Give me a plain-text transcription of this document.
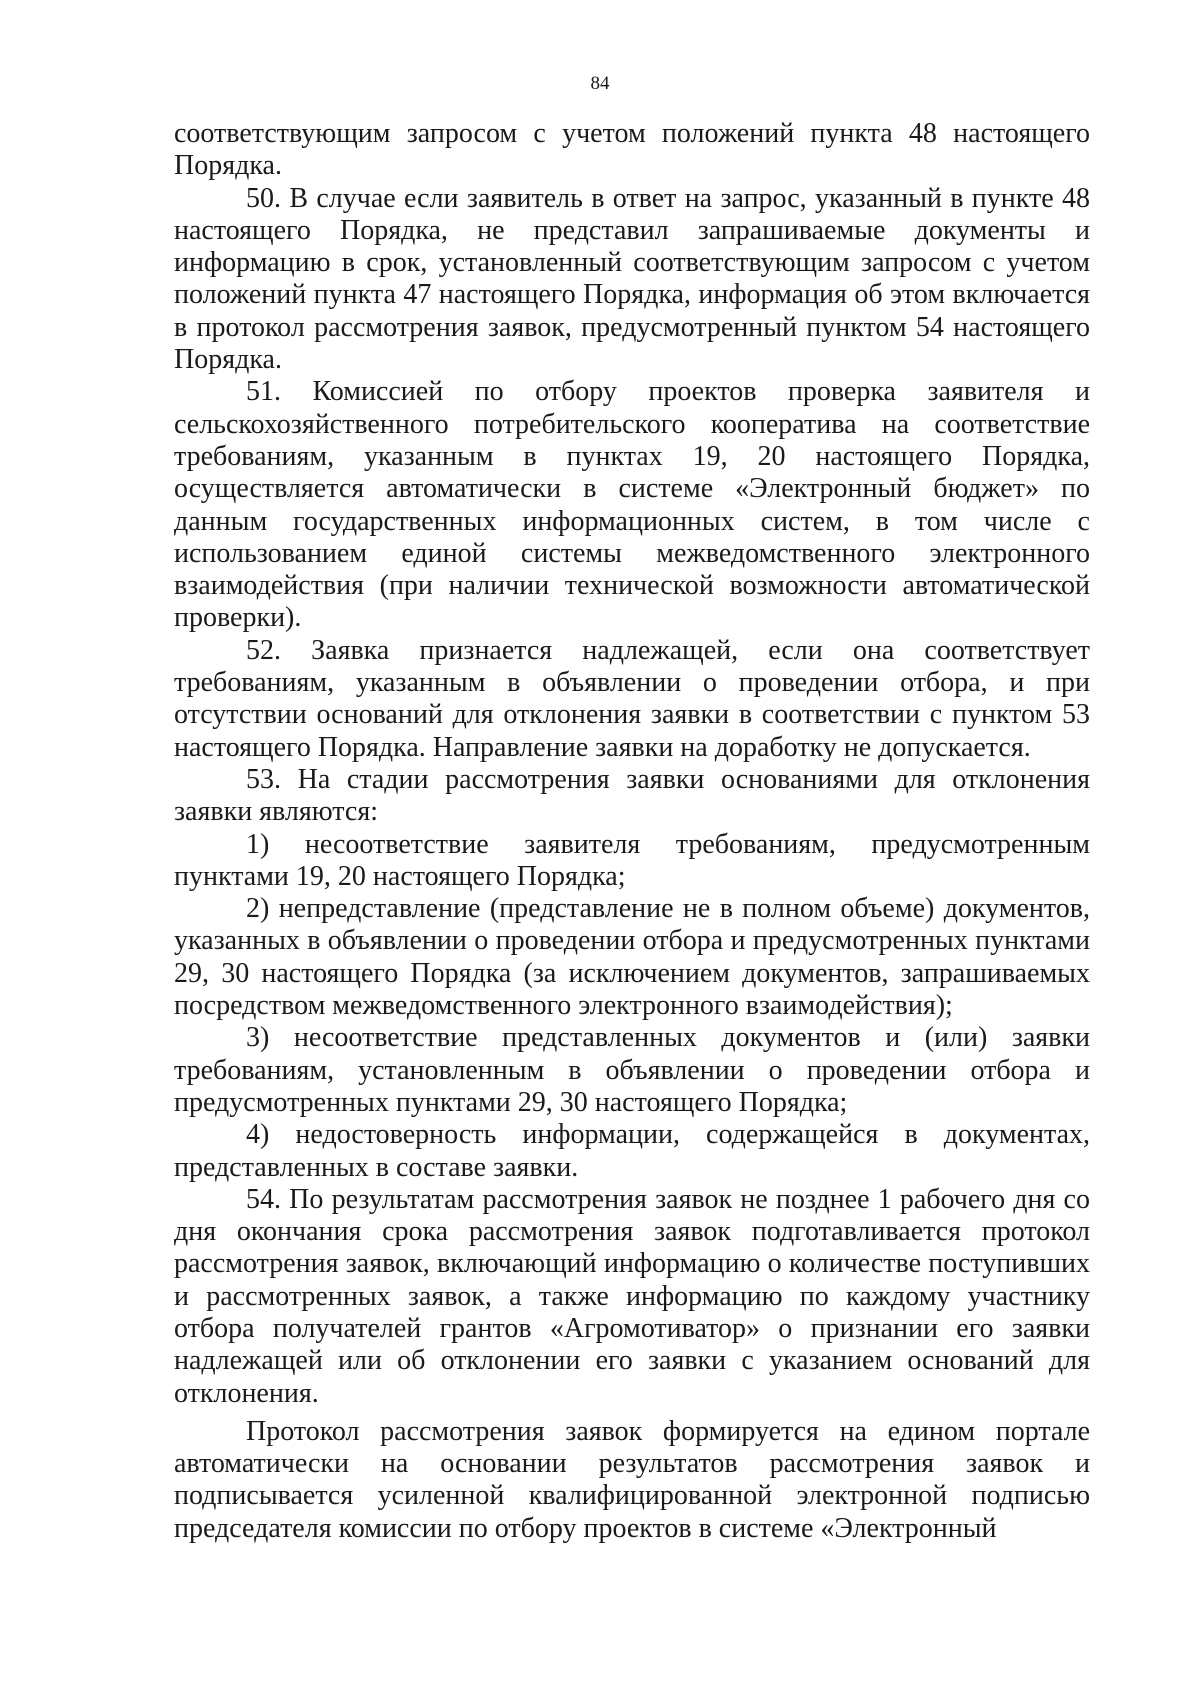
84

соответствующим запросом с учетом положений пункта 48 настоящего Порядка.

50. В случае если заявитель в ответ на запрос, указанный в пункте 48 настоящего Порядка, не представил запрашиваемые документы и информацию в срок, установленный соответствующим запросом с учетом положений пункта 47 настоящего Порядка, информация об этом включается в протокол рассмотрения заявок, предусмотренный пунктом 54 настоящего Порядка.

51. Комиссией по отбору проектов проверка заявителя и сельскохозяйственного потребительского кооператива на соответствие требованиям, указанным в пунктах 19, 20 настоящего Порядка, осуществляется автоматически в системе «Электронный бюджет» по данным государственных информационных систем, в том числе с использованием единой системы межведомственного электронного взаимодействия (при наличии технической возможности автоматической проверки).

52. Заявка признается надлежащей, если она соответствует требованиям, указанным в объявлении о проведении отбора, и при отсутствии оснований для отклонения заявки в соответствии с пунктом 53 настоящего Порядка. Направление заявки на доработку не допускается.

53. На стадии рассмотрения заявки основаниями для отклонения заявки являются:

1) несоответствие заявителя требованиям, предусмотренным пунктами 19, 20 настоящего Порядка;

2) непредставление (представление не в полном объеме) документов, указанных в объявлении о проведении отбора и предусмотренных пунктами 29, 30 настоящего Порядка (за исключением документов, запрашиваемых посредством межведомственного электронного взаимодействия);

3) несоответствие представленных документов и (или) заявки требованиям, установленным в объявлении о проведении отбора и предусмотренных пунктами 29, 30 настоящего Порядка;

4) недостоверность информации, содержащейся в документах, представленных в составе заявки.

54. По результатам рассмотрения заявок не позднее 1 рабочего дня со дня окончания срока рассмотрения заявок подготавливается протокол рассмотрения заявок, включающий информацию о количестве поступивших и рассмотренных заявок, а также информацию по каждому участнику отбора получателей грантов «Агромотиватор» о признании его заявки надлежащей или об отклонении его заявки с указанием оснований для отклонения.

Протокол рассмотрения заявок формируется на едином портале автоматически на основании результатов рассмотрения заявок и подписывается усиленной квалифицированной электронной подписью председателя комиссии по отбору проектов в системе «Электронный
